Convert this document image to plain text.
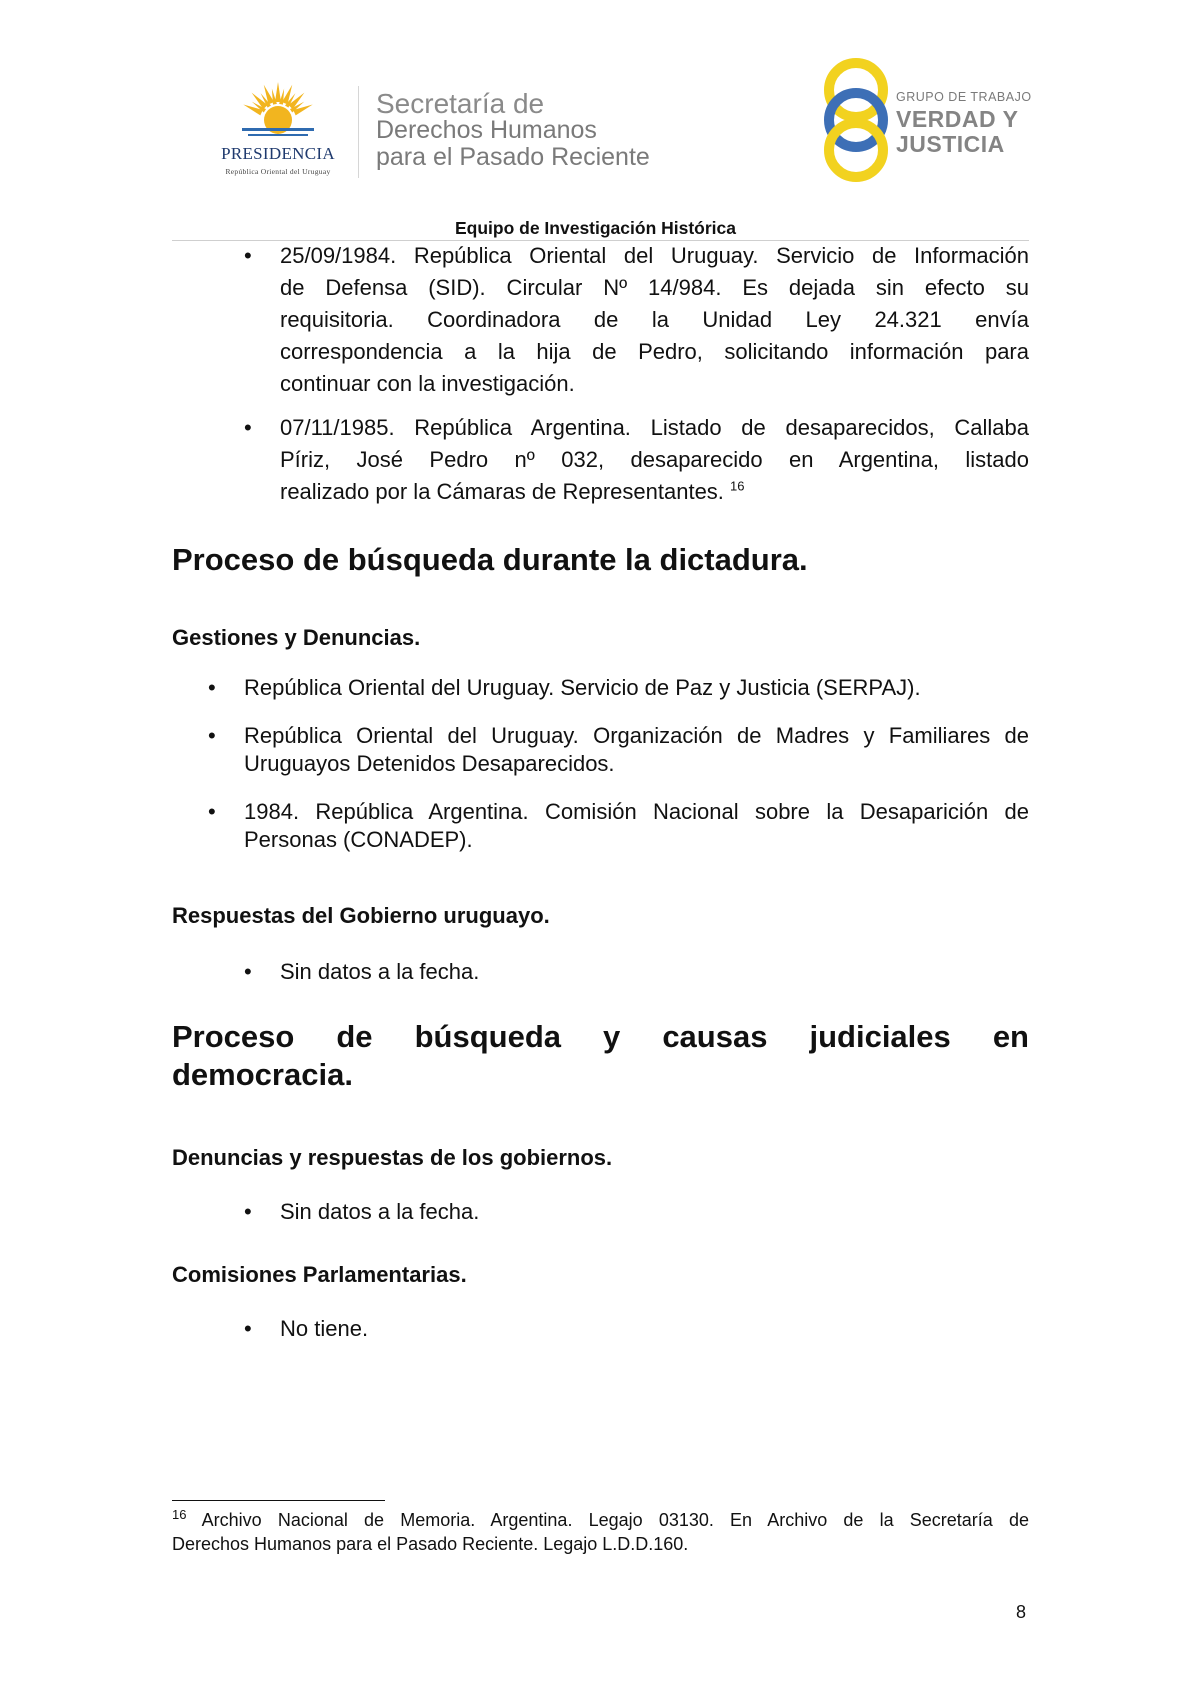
PRESIDENCIA
República Oriental del Uruguay
Secretaría de
Derechos Humanos
para el Pasado Reciente
GRUPO DE TRABAJO
VERDAD Y
JUSTICIA
Equipo de Investigación Histórica
• 25/09/1984. República Oriental del Uruguay. Servicio de Información
de Defensa (SID). Circular Nº 14/984. Es dejada sin efecto su
requisitoria. Coordinadora de la Unidad Ley 24.321 envía
correspondencia a la hija de Pedro, solicitando información para
continuar con la investigación.
• 07/11/1985. República Argentina. Listado de desaparecidos, Callaba
Píriz, José Pedro nº 032, desaparecido en Argentina, listado
realizado por la Cámaras de Representantes. $^{16}$
Proceso de búsqueda durante la dictadura.
Gestiones y Denuncias.
• República Oriental del Uruguay. Servicio de Paz y Justicia (SERPAJ).
• República Oriental del Uruguay. Organización de Madres y Familiares de
Uruguayos Detenidos Desaparecidos.
• 1984. República Argentina. Comisión Nacional sobre la Desaparición de
Personas (CONADEP).
Respuestas del Gobierno uruguayo.
• Sin datos a la fecha.
Proceso de búsqueda y causas judiciales en
democracia.
Denuncias y respuestas de los gobiernos.
• Sin datos a la fecha.
Comisiones Parlamentarias.
• No tiene.
$^{16}$ Archivo Nacional de Memoria. Argentina. Legajo 03130. En Archivo de la Secretaría de
Derechos Humanos para el Pasado Reciente. Legajo L.D.D.160.
8
